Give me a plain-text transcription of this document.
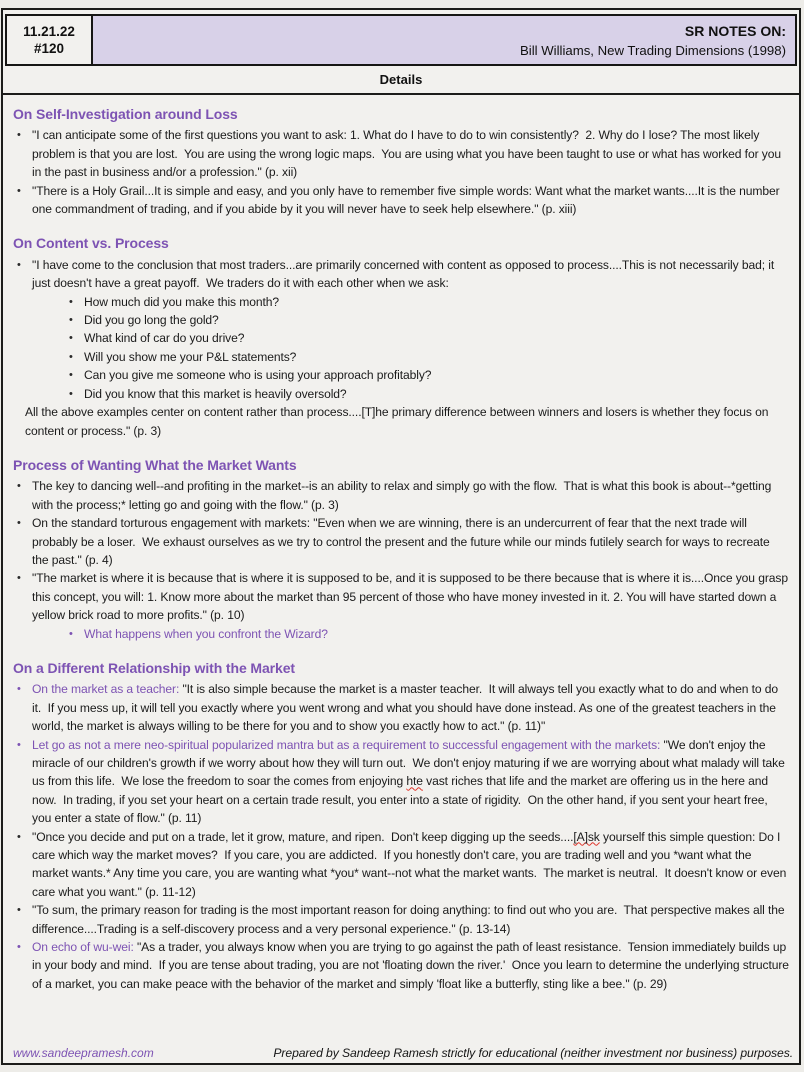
11.21.22
#120
SR NOTES ON:
Bill Williams, New Trading Dimensions (1998)
Details
On Self-Investigation around Loss
• "I can anticipate some of the first questions you want to ask: 1. What do I have to do to win consistently?  2. Why do I lose? The most likely problem is that you are lost.  You are using the wrong logic maps.  You are using what you have been taught to use or what has worked for you in the past in business and/or a profession." (p. xii)
• "There is a Holy Grail...It is simple and easy, and you only have to remember five simple words: Want what the market wants....It is the number one commandment of trading, and if you abide by it you will never have to seek help elsewhere." (p. xiii)
On Content vs. Process
• "I have come to the conclusion that most traders...are primarily concerned with content as opposed to process....This is not necessarily bad; it just doesn't have a great payoff.  We traders do it with each other when we ask:
• How much did you make this month?
• Did you go long the gold?
• What kind of car do you drive?
• Will you show me your P&L statements?
• Can you give me someone who is using your approach profitably?
• Did you know that this market is heavily oversold?
All the above examples center on content rather than process....[T]he primary difference between winners and losers is whether they focus on content or process." (p. 3)
Process of Wanting What the Market Wants
• The key to dancing well--and profiting in the market--is an ability to relax and simply go with the flow.  That is what this book is about--*getting with the process;* letting go and going with the flow." (p. 3)
• On the standard torturous engagement with markets: "Even when we are winning, there is an undercurrent of fear that the next trade will probably be a loser.  We exhaust ourselves as we try to control the present and the future while our minds futilely search for ways to recreate the past." (p. 4)
• "The market is where it is because that is where it is supposed to be, and it is supposed to be there because that is where it is....Once you grasp this concept, you will: 1. Know more about the market than 95 percent of those who have money invested in it. 2. You will have started down a yellow brick road to more profits." (p. 10)
• What happens when you confront the Wizard?
On a Different Relationship with the Market
• On the market as a teacher: "It is also simple because the market is a master teacher.  It will always tell you exactly what to do and when to do it.  If you mess up, it will tell you exactly where you went wrong and what you should have done instead. As one of the greatest teachers in the world, the market is always willing to be there for you and to show you exactly how to act." (p. 11)"
• Let go as not a mere neo-spiritual popularized mantra but as a requirement to successful engagement with the markets: "We don't enjoy the miracle of our children's growth if we worry about how they will turn out.  We don't enjoy maturing if we are worrying about what malady will take us from this life.  We lose the freedom to soar the comes from enjoying hte vast riches that life and the market are offering us in the here and now.  In trading, if you set your heart on a certain trade result, you enter into a state of rigidity.  On the other hand, if you sent your heart free, you enter a state of flow." (p. 11)
• "Once you decide and put on a trade, let it grow, mature, and ripen.  Don't keep digging up the seeds....[A]sk yourself this simple question: Do I care which way the market moves?  If you care, you are addicted.  If you honestly don't care, you are trading well and you *want what the market wants.* Any time you care, you are wanting what *you* want--not what the market wants.  The market is neutral.  It doesn't know or even care what you want." (p. 11-12)
• "To sum, the primary reason for trading is the most important reason for doing anything: to find out who you are.  That perspective makes all the difference....Trading is a self-discovery process and a very personal experience." (p. 13-14)
• On echo of wu-wei: "As a trader, you always know when you are trying to go against the path of least resistance.  Tension immediately builds up in your body and mind.  If you are tense about trading, you are not 'floating down the river.'  Once you learn to determine the underlying structure of a market, you can make peace with the behavior of the market and simply 'float like a butterfly, sting like a bee." (p. 29)
www.sandeepramesh.com	Prepared by Sandeep Ramesh strictly for educational (neither investment nor business) purposes.
